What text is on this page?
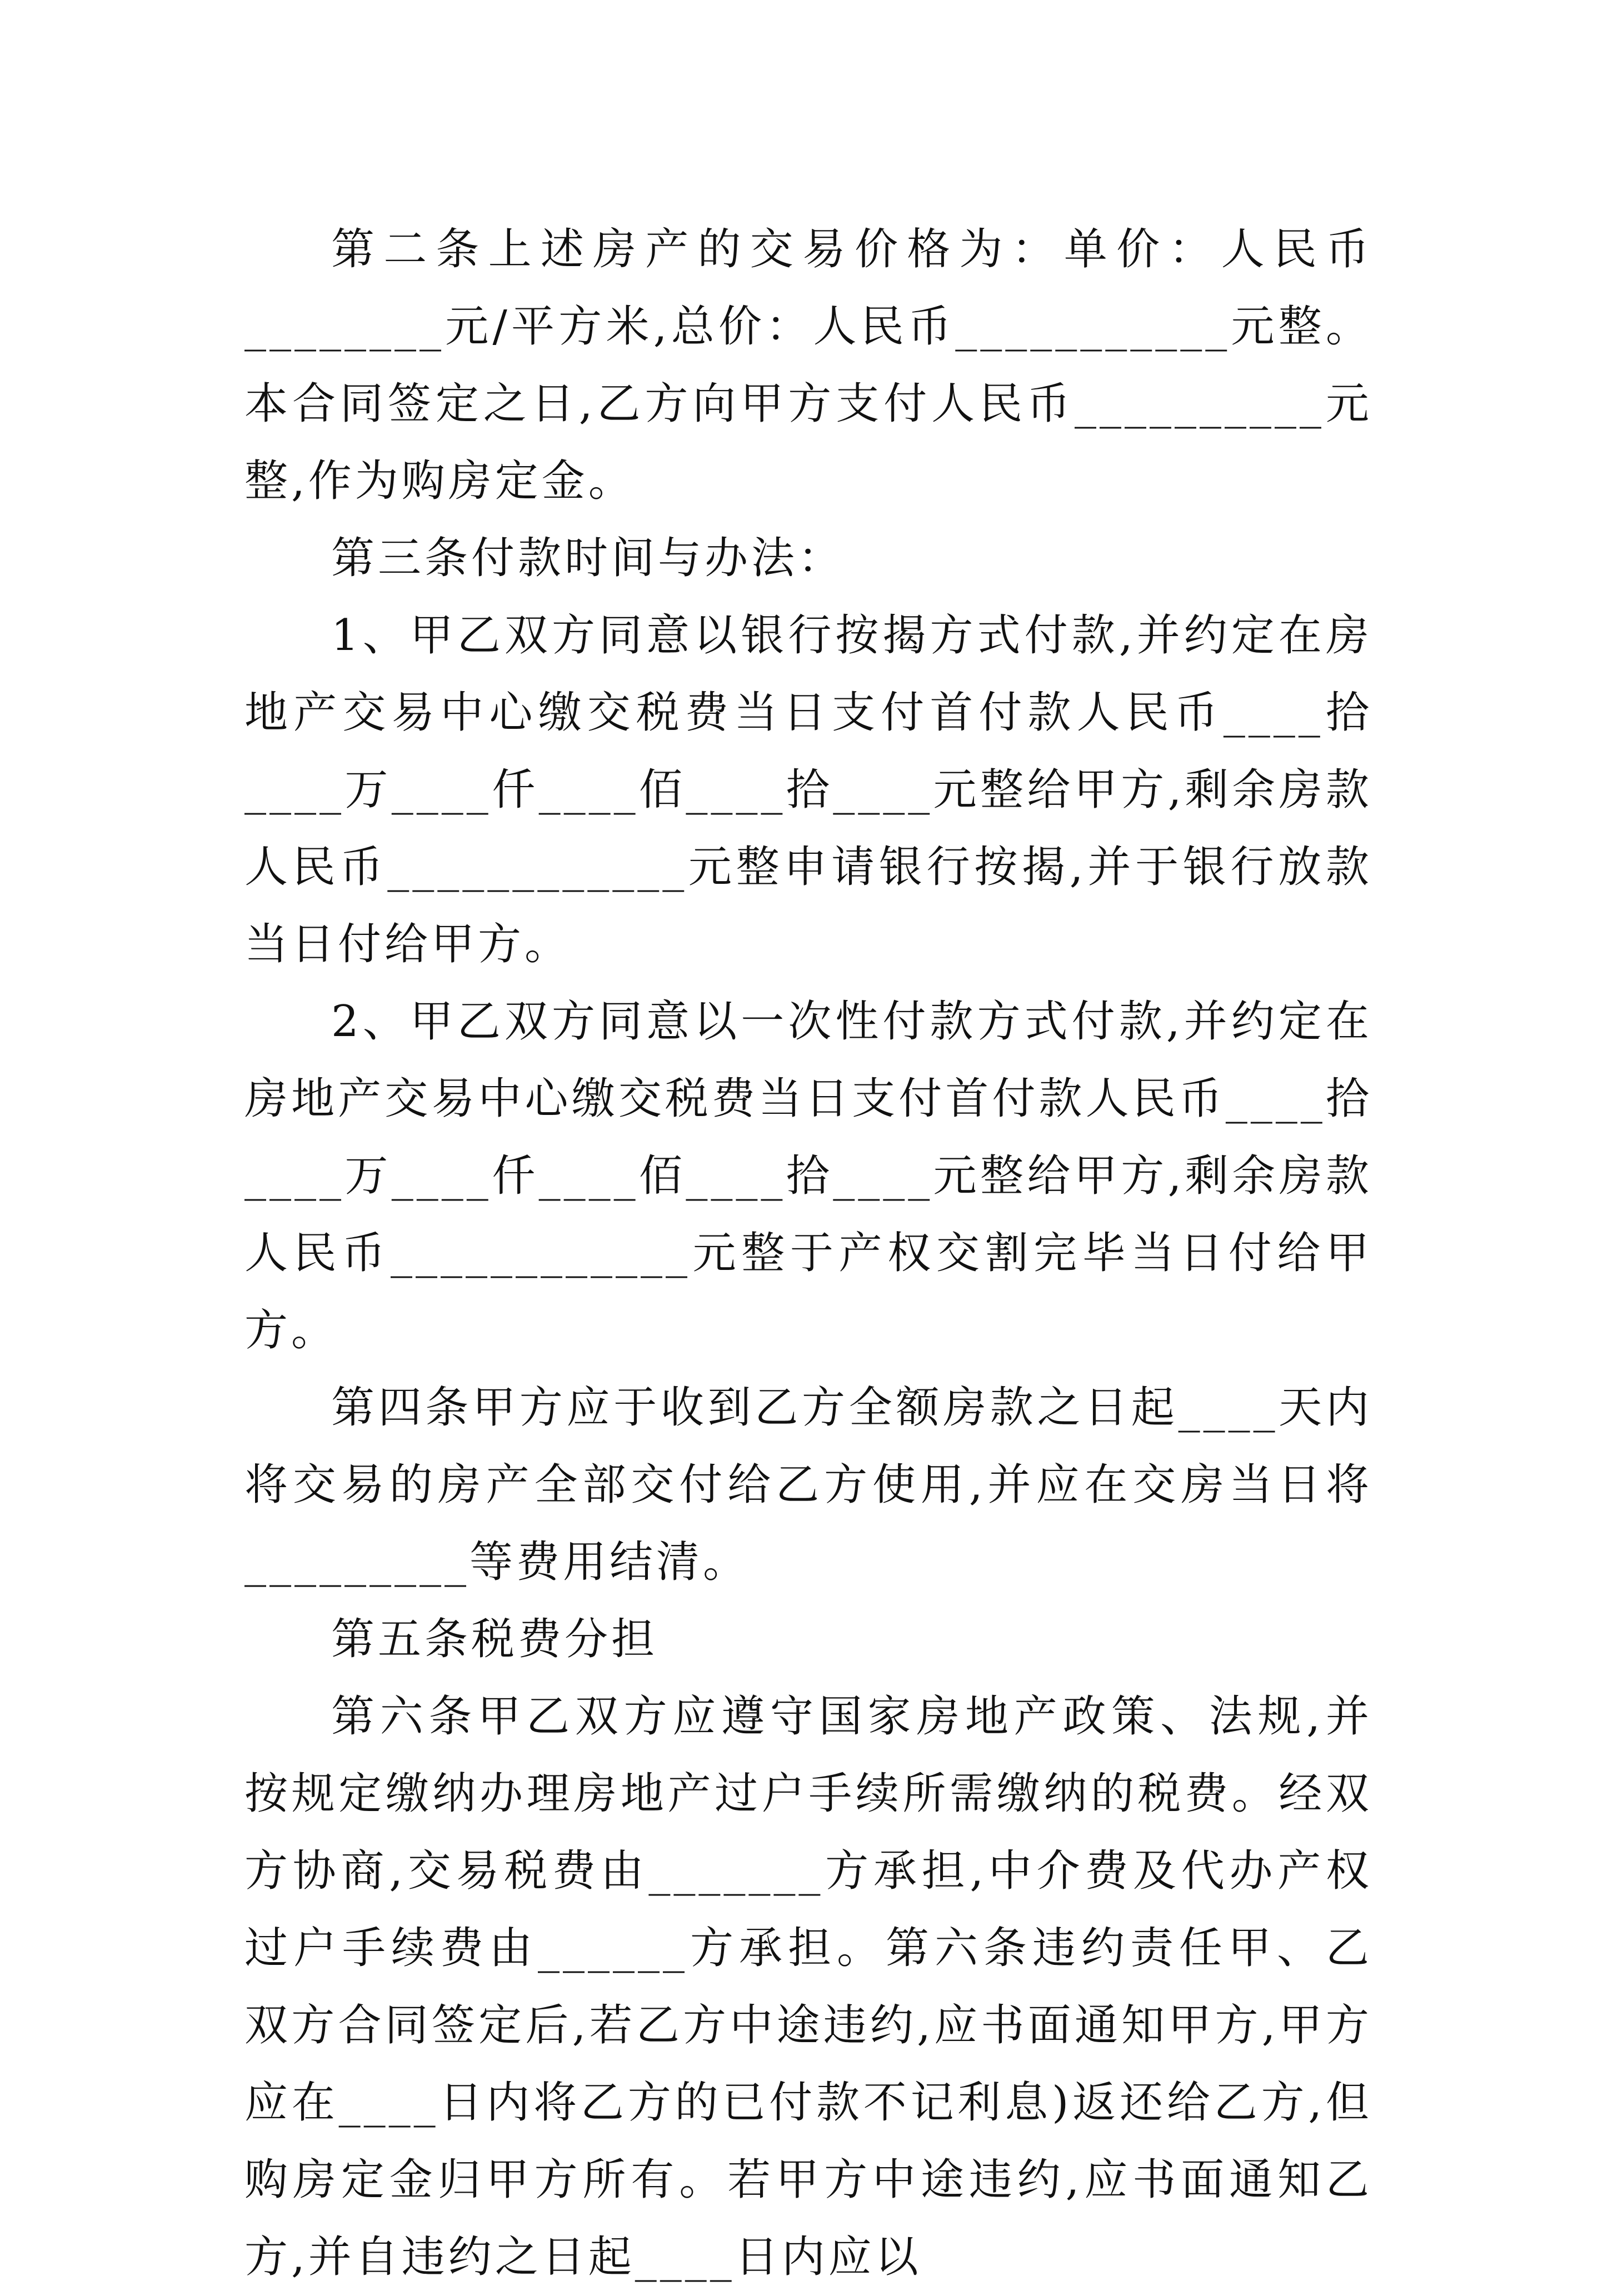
第二条上述房产的交易价格为：单价：人民币________元/平方米,总价：人民币___________元整。本合同签定之日,乙方向甲方支付人民币__________元整,作为购房定金。

第三条付款时间与办法：

1、甲乙双方同意以银行按揭方式付款,并约定在房地产交易中心缴交税费当日支付首付款人民币____拾____万____仟____佰____拾____元整给甲方,剩余房款人民币____________元整申请银行按揭,并于银行放款当日付给甲方。

2、甲乙双方同意以一次性付款方式付款,并约定在房地产交易中心缴交税费当日支付首付款人民币____拾____万____仟____佰____拾____元整给甲方,剩余房款人民币____________元整于产权交割完毕当日付给甲方。

第四条甲方应于收到乙方全额房款之日起____天内将交易的房产全部交付给乙方使用,并应在交房当日将_________等费用结清。

第五条税费分担

第六条甲乙双方应遵守国家房地产政策、法规,并按规定缴纳办理房地产过户手续所需缴纳的税费。经双方协商,交易税费由_______方承担,中介费及代办产权过户手续费由______方承担。第六条违约责任甲、乙双方合同签定后,若乙方中途违约,应书面通知甲方,甲方应在____日内将乙方的已付款不记利息)返还给乙方,但购房定金归甲方所有。若甲方中途违约,应书面通知乙方,并自违约之日起____日内应以
